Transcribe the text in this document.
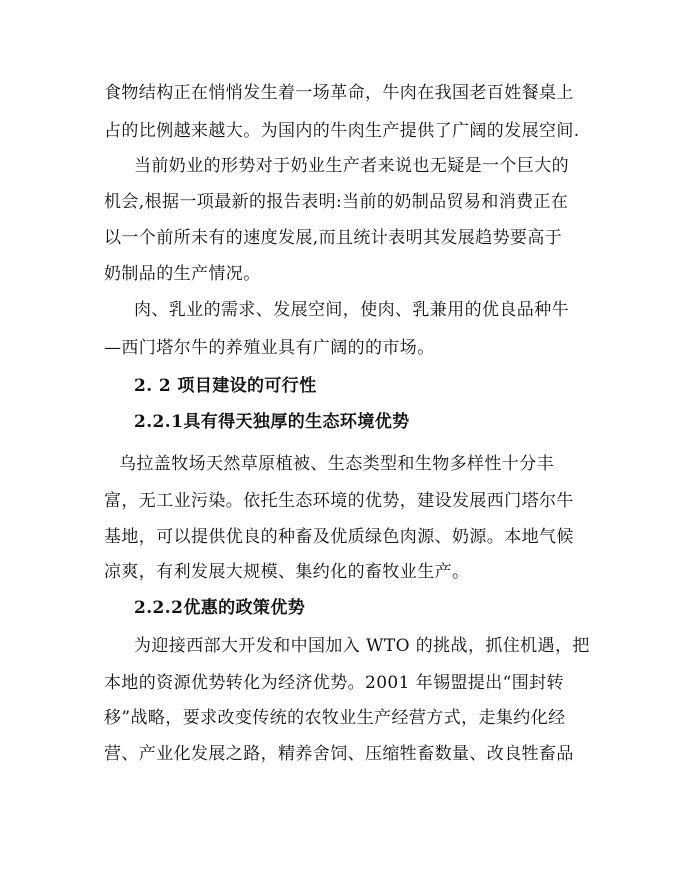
食物结构正在悄悄发生着一场革命，牛肉在我国老百姓餐桌上
占的比例越来越大。为国内的牛肉生产提供了广阔的发展空间.
当前奶业的形势对于奶业生产者来说也无疑是一个巨大的
机会,根据一项最新的报告表明:当前的奶制品贸易和消费正在
以一个前所未有的速度发展,而且统计表明其发展趋势要高于
奶制品的生产情况。
肉、乳业的需求、发展空间，使肉、乳兼用的优良品种牛
—西门塔尔牛的养殖业具有广阔的的市场。
2. 2 项目建设的可行性
2.2.1具有得天独厚的生态环境优势
乌拉盖牧场天然草原植被、生态类型和生物多样性十分丰
富，无工业污染。依托生态环境的优势，建设发展西门塔尔牛
基地，可以提供优良的种畜及优质绿色肉源、奶源。本地气候
凉爽，有利发展大规模、集约化的畜牧业生产。
2.2.2优惠的政策优势
为迎接西部大开发和中国加入 WTO 的挑战，抓住机遇，把
本地的资源优势转化为经济优势。2001 年锡盟提出“围封转
移”战略，要求改变传统的农牧业生产经营方式，走集约化经
营、产业化发展之路，精养舍饲、压缩牲畜数量、改良牲畜品
